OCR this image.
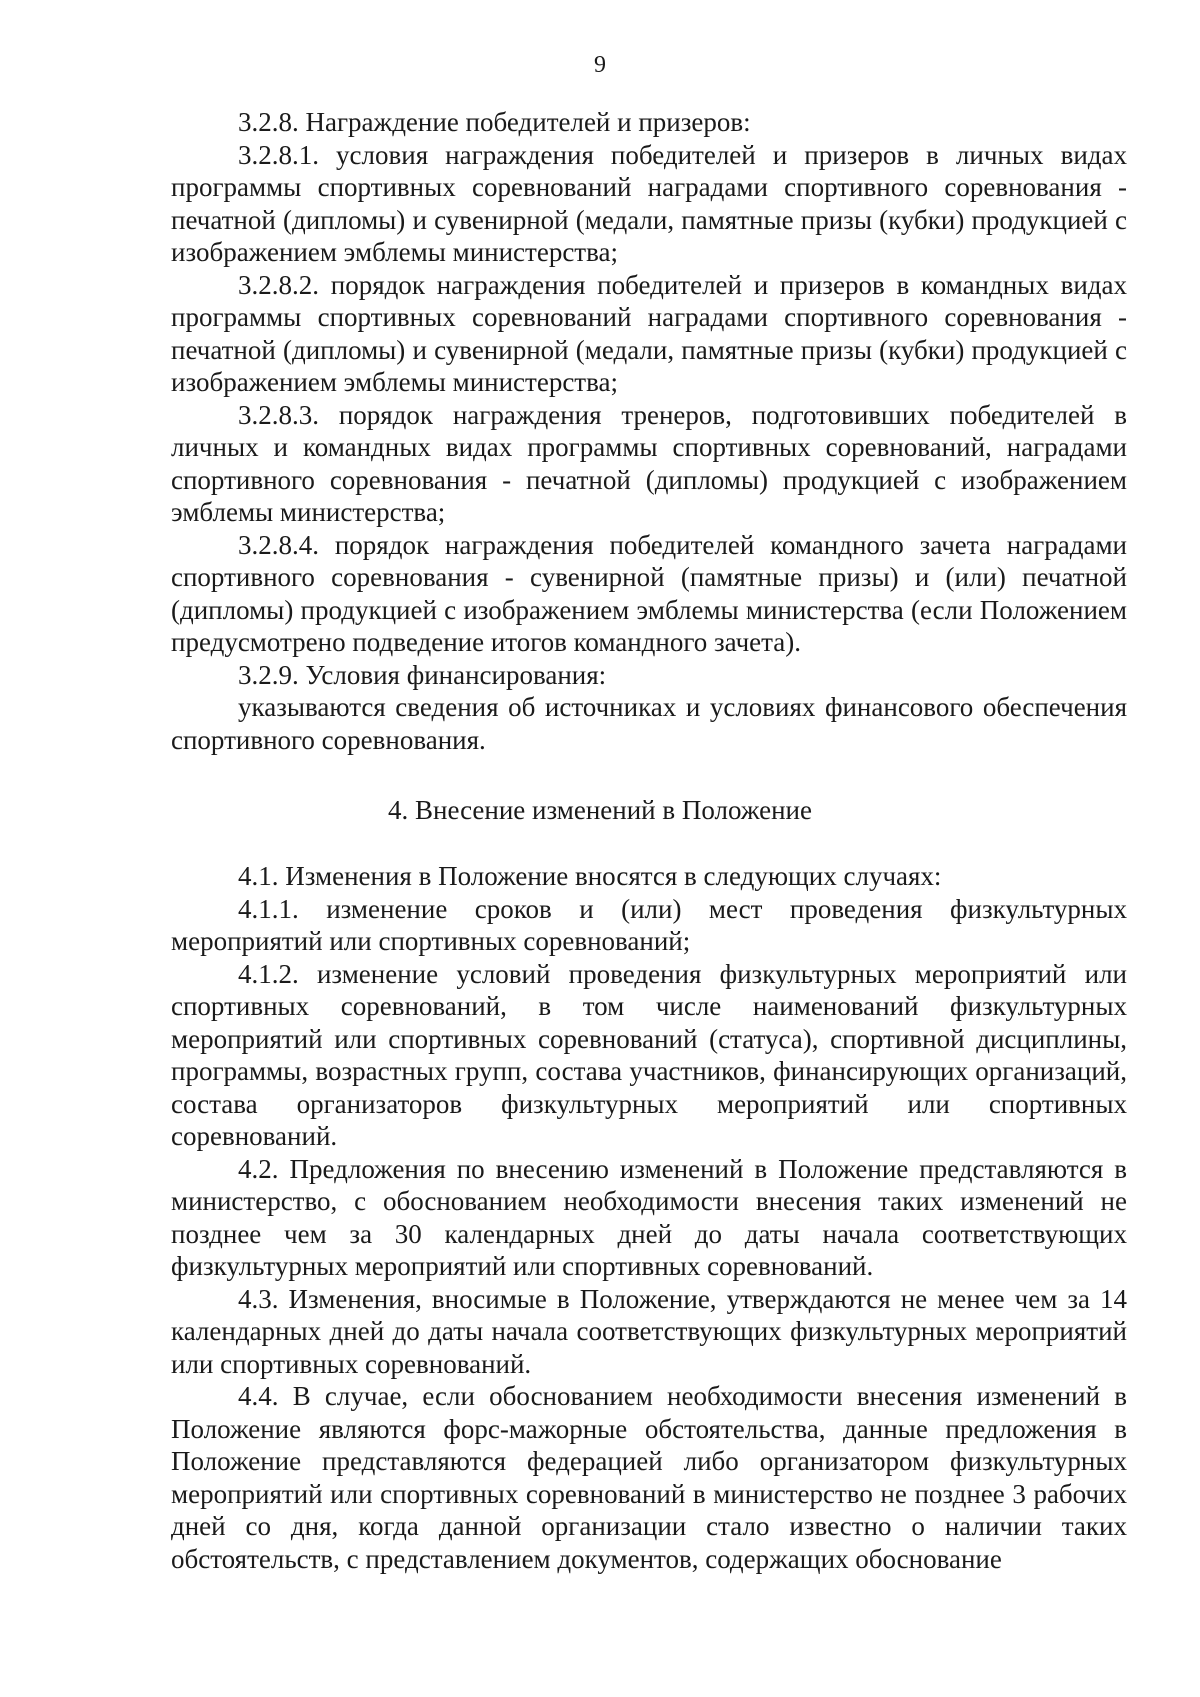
9

3.2.8. Награждение победителей и призеров:

3.2.8.1. условия награждения победителей и призеров в личных видах программы спортивных соревнований наградами спортивного соревнования - печатной (дипломы) и сувенирной (медали, памятные призы (кубки) продукцией с изображением эмблемы министерства;

3.2.8.2. порядок награждения победителей и призеров в командных видах программы спортивных соревнований наградами спортивного соревнования - печатной (дипломы) и сувенирной (медали, памятные призы (кубки) продукцией с изображением эмблемы министерства;

3.2.8.3. порядок награждения тренеров, подготовивших победителей в личных и командных видах программы спортивных соревнований, наградами спортивного соревнования - печатной (дипломы) продукцией с изображением эмблемы министерства;

3.2.8.4. порядок награждения победителей командного зачета наградами спортивного соревнования - сувенирной (памятные призы) и (или) печатной (дипломы) продукцией с изображением эмблемы министерства (если Положением предусмотрено подведение итогов командного зачета).

3.2.9. Условия финансирования:

указываются сведения об источниках и условиях финансового обеспечения спортивного соревнования.

4. Внесение изменений в Положение

4.1. Изменения в Положение вносятся в следующих случаях:

4.1.1. изменение сроков и (или) мест проведения физкультурных мероприятий или спортивных соревнований;

4.1.2. изменение условий проведения физкультурных мероприятий или спортивных соревнований, в том числе наименований физкультурных мероприятий или спортивных соревнований (статуса), спортивной дисциплины, программы, возрастных групп, состава участников, финансирующих организаций, состава организаторов физкультурных мероприятий или спортивных соревнований.

4.2. Предложения по внесению изменений в Положение представляются в министерство, с обоснованием необходимости внесения таких изменений не позднее чем за 30 календарных дней до даты начала соответствующих физкультурных мероприятий или спортивных соревнований.

4.3. Изменения, вносимые в Положение, утверждаются не менее чем за 14 календарных дней до даты начала соответствующих физкультурных мероприятий или спортивных соревнований.

4.4. В случае, если обоснованием необходимости внесения изменений в Положение являются форс-мажорные обстоятельства, данные предложения в Положение представляются федерацией либо организатором физкультурных мероприятий или спортивных соревнований в министерство не позднее 3 рабочих дней со дня, когда данной организации стало известно о наличии таких обстоятельств, с представлением документов, содержащих обоснование
